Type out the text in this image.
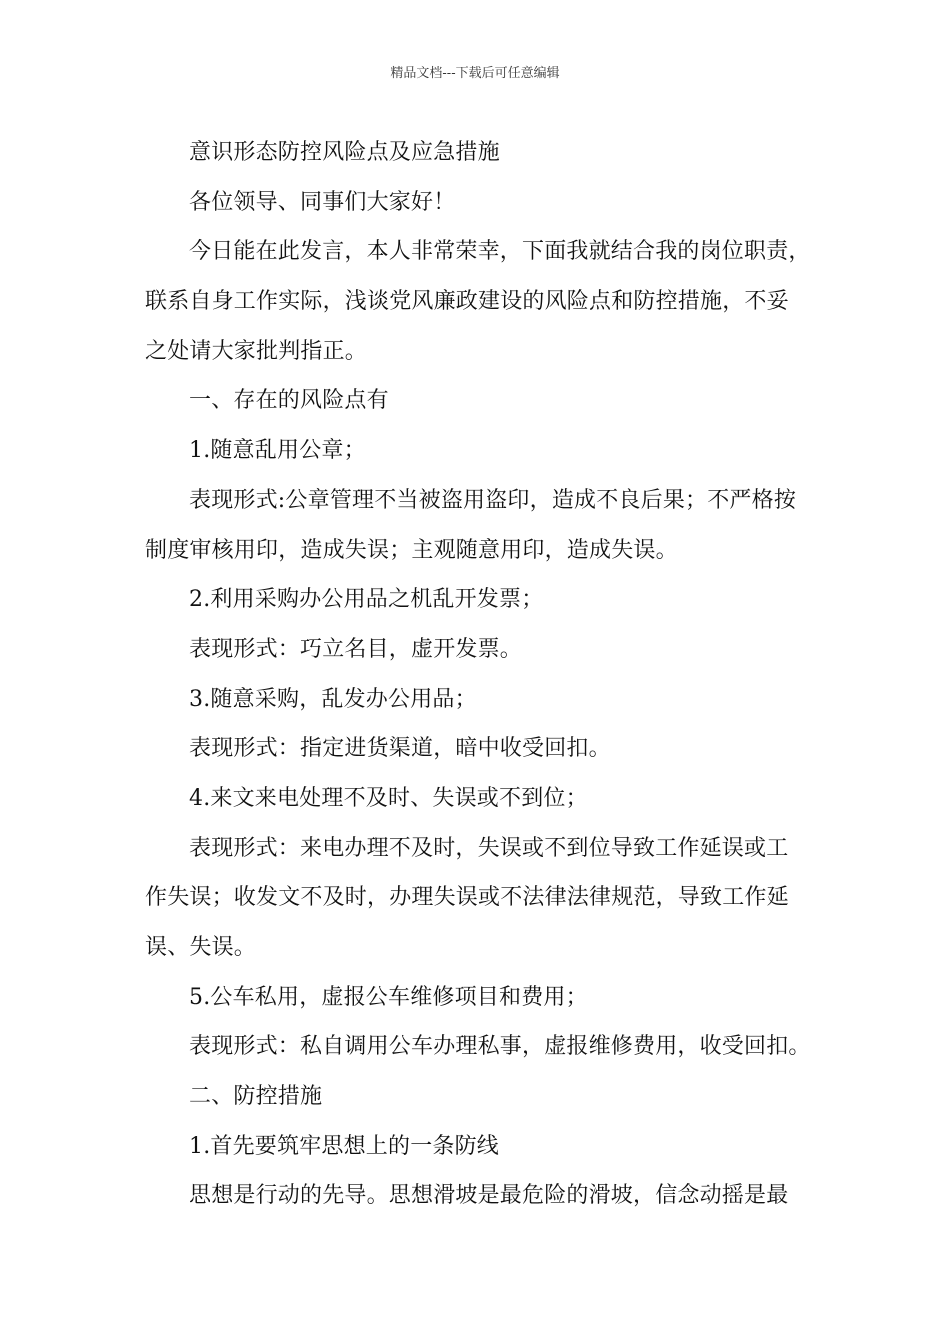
精品文档---下载后可任意编辑
意识形态防控风险点及应急措施
各位领导、同事们大家好！
今日能在此发言，本人非常荣幸，下面我就结合我的岗位职责，
联系自身工作实际，浅谈党风廉政建设的风险点和防控措施，不妥
之处请大家批判指正。
一、存在的风险点有
1.随意乱用公章；
表现形式:公章管理不当被盗用盗印，造成不良后果；不严格按
制度审核用印，造成失误；主观随意用印，造成失误。
2.利用采购办公用品之机乱开发票；
表现形式：巧立名目，虚开发票。
3.随意采购，乱发办公用品；
表现形式：指定进货渠道，暗中收受回扣。
4.来文来电处理不及时、失误或不到位；
表现形式：来电办理不及时，失误或不到位导致工作延误或工
作失误；收发文不及时，办理失误或不法律法律规范，导致工作延
误、失误。
5.公车私用，虚报公车维修项目和费用；
表现形式：私自调用公车办理私事，虚报维修费用，收受回扣。
二、防控措施
1.首先要筑牢思想上的一条防线
思想是行动的先导。思想滑坡是最危险的滑坡，信念动摇是最
